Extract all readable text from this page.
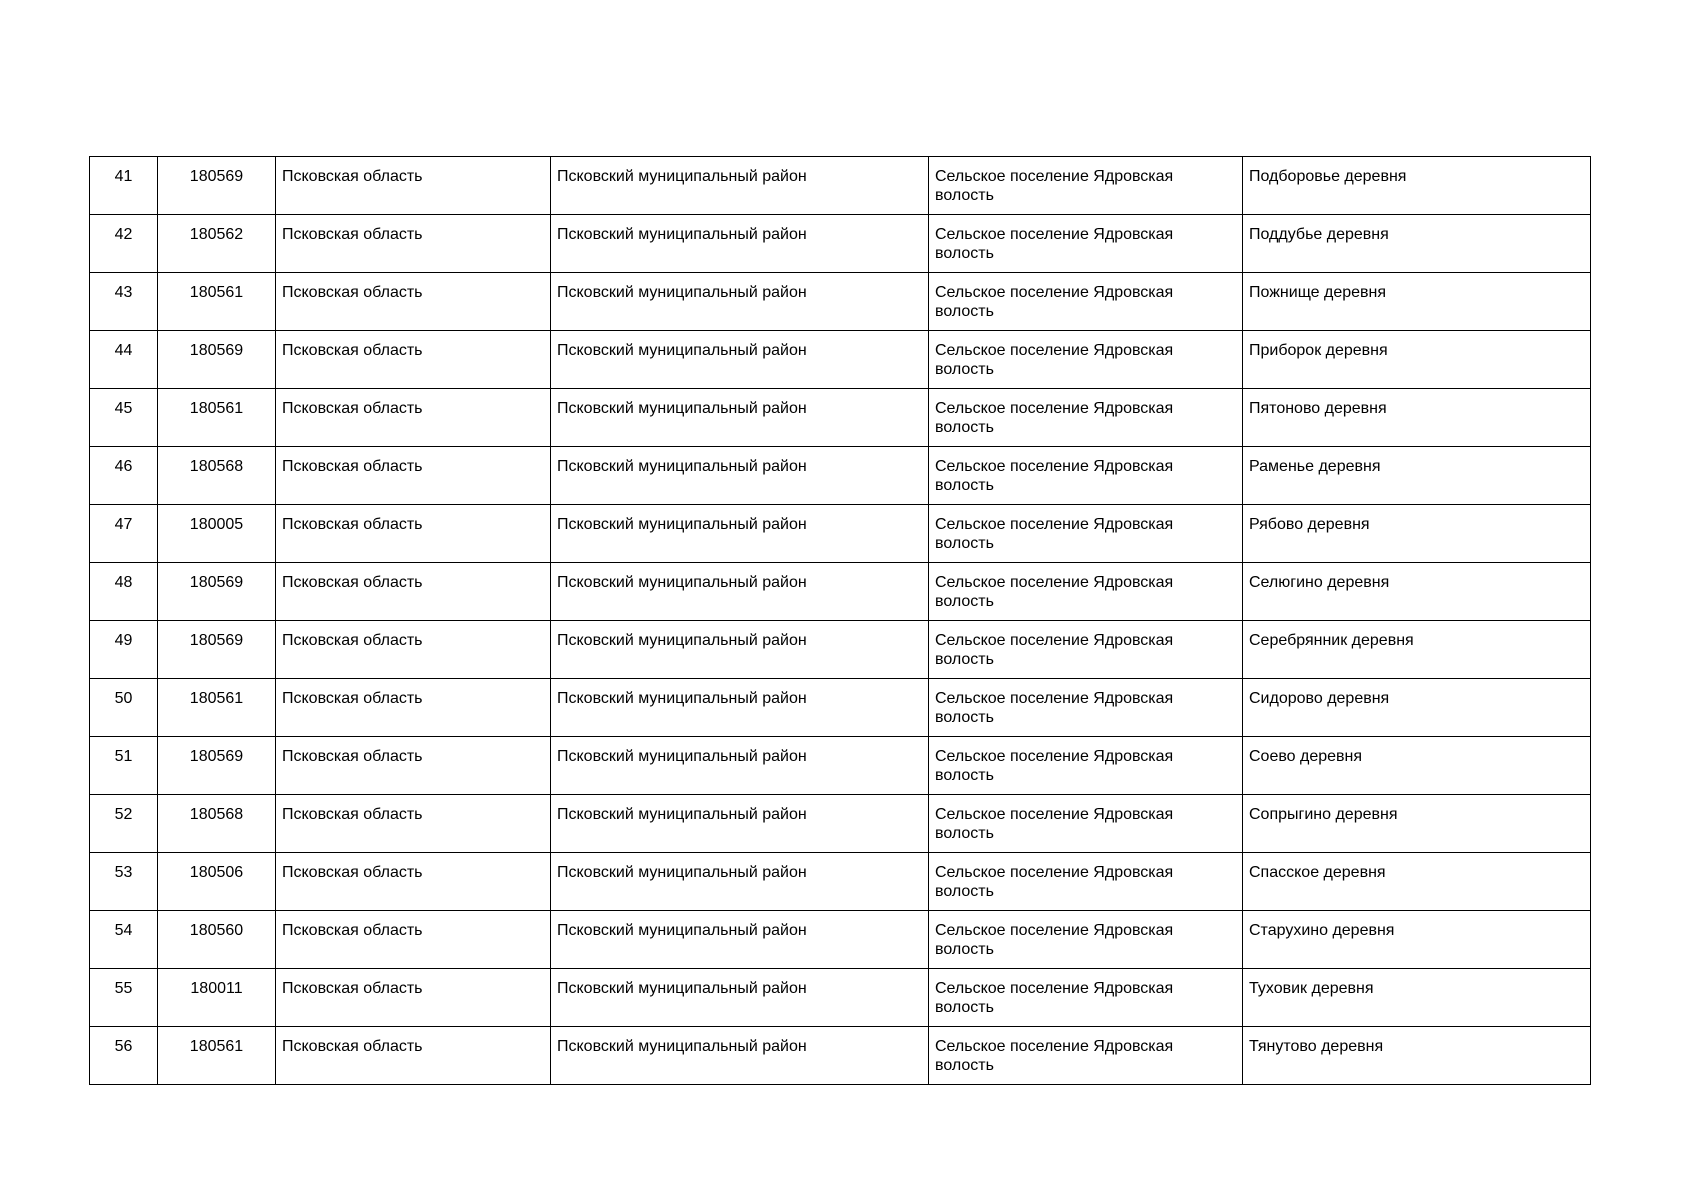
41	180569	Псковская область	Псковский муниципальный район	Сельское поселение Ядровская волость	Подборовье деревня
42	180562	Псковская область	Псковский муниципальный район	Сельское поселение Ядровская волость	Поддубье деревня
43	180561	Псковская область	Псковский муниципальный район	Сельское поселение Ядровская волость	Пожнище деревня
44	180569	Псковская область	Псковский муниципальный район	Сельское поселение Ядровская волость	Приборок деревня
45	180561	Псковская область	Псковский муниципальный район	Сельское поселение Ядровская волость	Пятоново деревня
46	180568	Псковская область	Псковский муниципальный район	Сельское поселение Ядровская волость	Раменье деревня
47	180005	Псковская область	Псковский муниципальный район	Сельское поселение Ядровская волость	Рябово деревня
48	180569	Псковская область	Псковский муниципальный район	Сельское поселение Ядровская волость	Селюгино деревня
49	180569	Псковская область	Псковский муниципальный район	Сельское поселение Ядровская волость	Серебрянник деревня
50	180561	Псковская область	Псковский муниципальный район	Сельское поселение Ядровская волость	Сидорово деревня
51	180569	Псковская область	Псковский муниципальный район	Сельское поселение Ядровская волость	Соево деревня
52	180568	Псковская область	Псковский муниципальный район	Сельское поселение Ядровская волость	Сопрыгино деревня
53	180506	Псковская область	Псковский муниципальный район	Сельское поселение Ядровская волость	Спасское деревня
54	180560	Псковская область	Псковский муниципальный район	Сельское поселение Ядровская волость	Старухино деревня
55	180011	Псковская область	Псковский муниципальный район	Сельское поселение Ядровская волость	Туховик деревня
56	180561	Псковская область	Псковский муниципальный район	Сельское поселение Ядровская волость	Тянутово деревня
